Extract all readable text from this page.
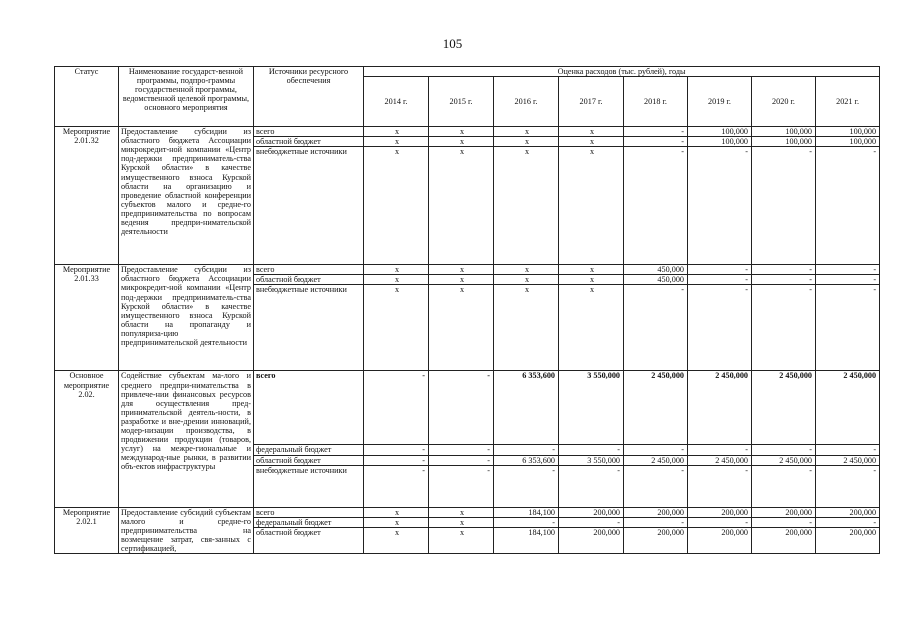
105
Статус	Наименование государст-венной программы, подпро-граммы государственной программы, ведомственной целевой программы, основного мероприятия	Источники ресурсного обеспечения	Оценка расходов (тыс. рублей), годы							
			2014 г.	2015 г.	2016 г.	2017 г.	2018 г.	2019 г.	2020 г.	2021 г.
Мероприятие 2.01.32	Предоставление субсидии из областного бюджета Ассоциации микрокредит-ной компании «Центр под-держки предприниматель-ства Курской области» в качестве имущественного взноса Курской области на организацию и проведение областной конференции субъектов малого и средне-го предпринимательства по вопросам ведения предпри-нимательской деятельности	всего	x	x	x	x	-	100,000	100,000	100,000
		областной бюджет	x	x	x	x	-	100,000	100,000	100,000
		внебюджетные источники	x	x	x	x	-	-	-	-
Мероприятие 2.01.33	Предоставление субсидии из областного бюджета Ассоциации микрокредит-ной компании «Центр под-держки предприниматель-ства Курской области» в качестве имущественного взноса Курской области на пропаганду и популяриза-цию предпринимательской деятельности	всего	x	x	x	x	450,000	-	-	-
		областной бюджет	x	x	x	x	450,000	-	-	-
		внебюджетные источники	x	x	x	x	-	-	-	-
Основное мероприятие 2.02.	Содействие субъектам ма-лого и среднего предпри-нимательства в привлече-нии финансовых ресурсов для осуществления пред-принимательской деятель-ности, в разработке и вне-дрении инноваций, модер-низации производства, в продвижении продукции (товаров, услуг) на межре-гиональные и международ-ные рынки, в развитии объ-ектов инфраструктуры	всего	-	-	6 353,600	3 550,000	2 450,000	2 450,000	2 450,000	2 450,000
		федеральный бюджет	-	-	-	-	-	-	-	-
		областной бюджет	-	-	6 353,600	3 550,000	2 450,000	2 450,000	2 450,000	2 450,000
		внебюджетные источники	-	-	-	-	-	-	-	-
Мероприятие 2.02.1	Предоставление субсидий субъектам малого и средне-го предпринимательства на возмещение затрат, свя-занных с сертификацией,	всего	x	x	184,100	200,000	200,000	200,000	200,000	200,000
		федеральный бюджет	x	x	-	-	-	-	-	-
		областной бюджет	x	x	184,100	200,000	200,000	200,000	200,000	200,000
